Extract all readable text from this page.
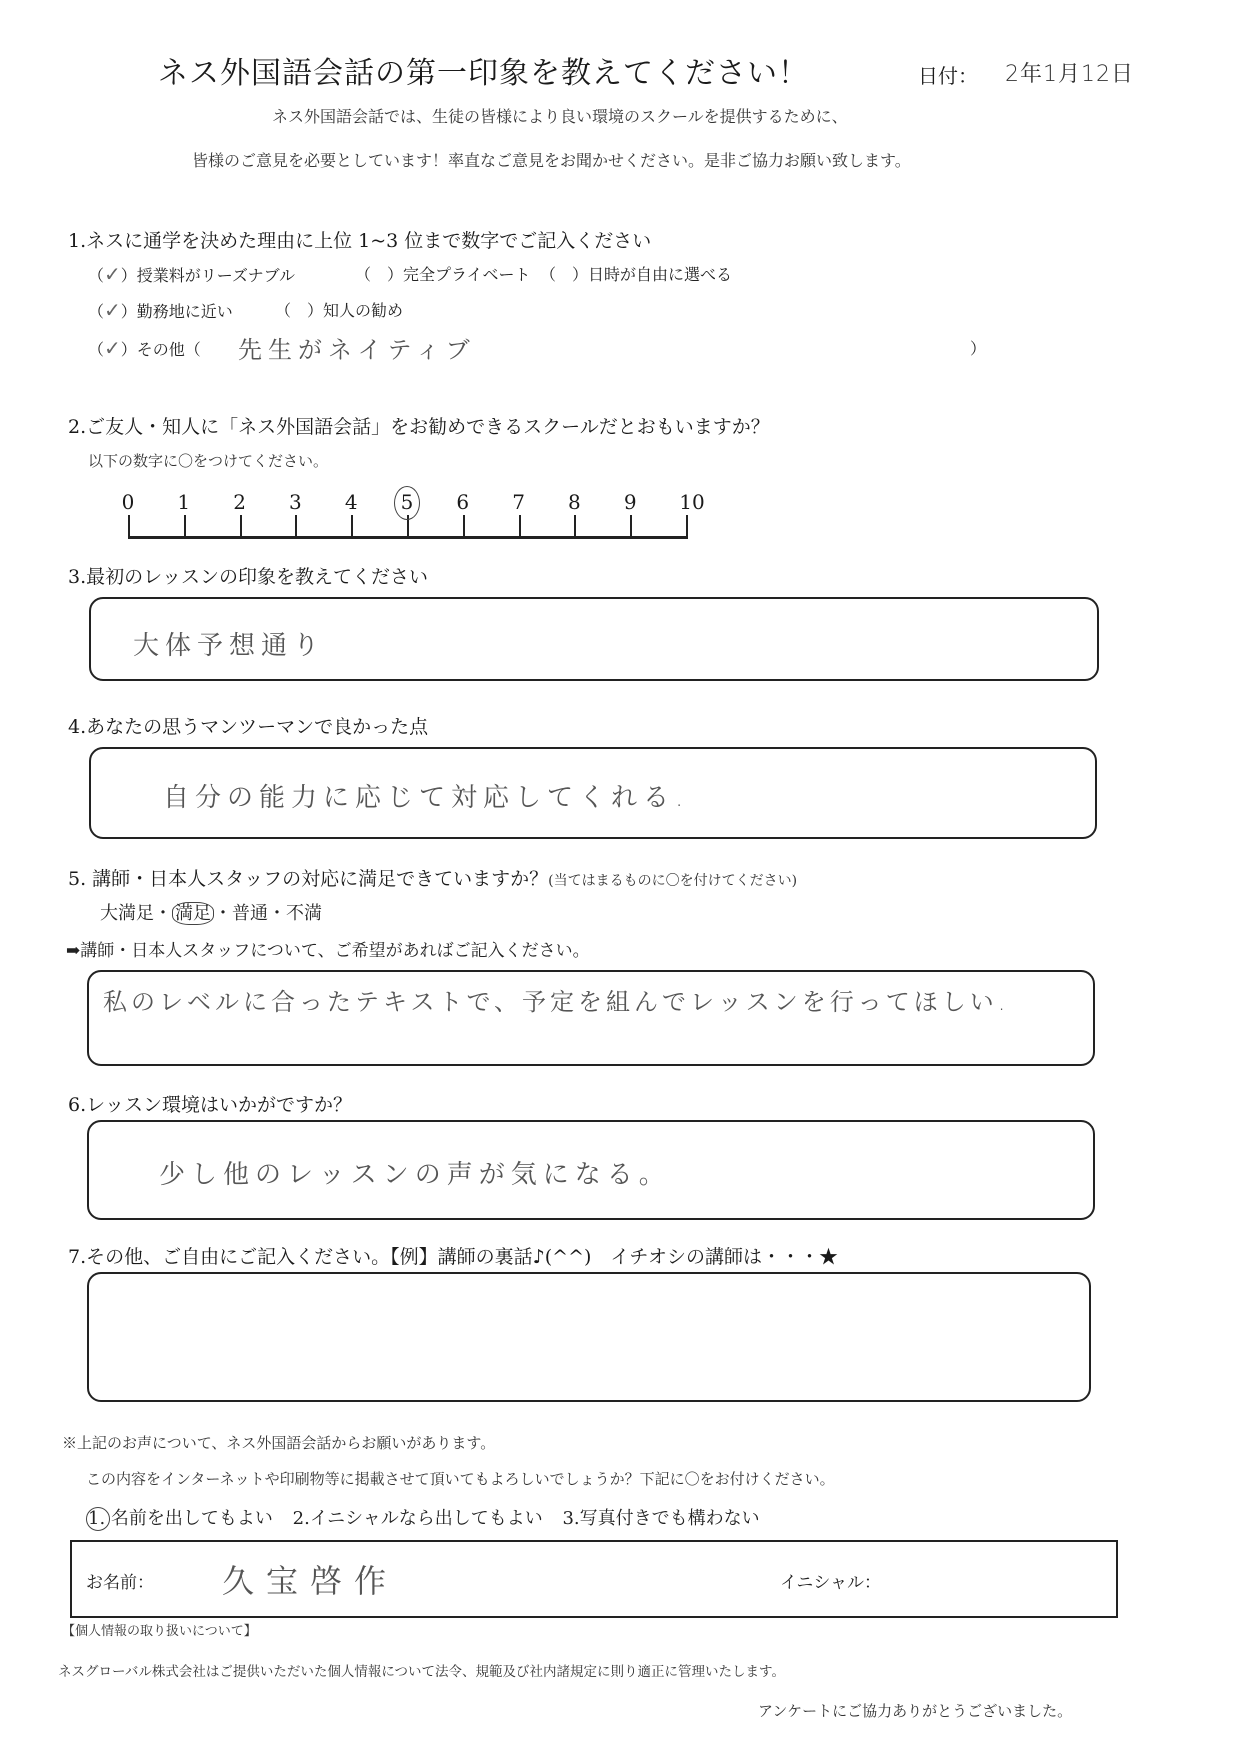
ネス外国語会話の第一印象を教えてください！	日付： 2年1月12日
ネス外国語会話では、生徒の皆様により良い環境のスクールを提供するために、
皆様のご意見を必要としています！率直なご意見をお聞かせください。是非ご協力お願い致します。
1.ネスに通学を決めた理由に上位 1~3 位まで数字でご記入ください
（✓）授業料がリーズナブル	（　）完全プライベート （　）日時が自由に選べる
（✓）勤務地に近い	（　）知人の勧め
（✓）その他（ 先生がネイティブ	）
2.ご友人・知人に「ネス外国語会話」をお勧めできるスクールだとおもいますか？
以下の数字に〇をつけてください。
0	1	2	3	4	5	6	7	8	9	10
3.最初のレッスンの印象を教えてください
大体予想通り
4.あなたの思うマンツーマンで良かった点
自分の能力に応じて対応してくれる.
5. 講師・日本人スタッフの対応に満足できていますか？(当てはまるものに〇を付けてください)
大満足・ 満足 ・普通・不満
➡講師・日本人スタッフについて、ご希望があればご記入ください。
私のレベルに合ったテキストで、予定を組んでレッスンを行ってほしい.
6.レッスン環境はいかがですか？
少し他のレッスンの声が気になる。
7.その他、ご自由にご記入ください。【例】講師の裏話♪(^^)　イチオシの講師は・・・★
※上記のお声について、ネス外国語会話からお願いがあります。
この内容をインターネットや印刷物等に掲載させて頂いてもよろしいでしょうか？下記に〇をお付けください。
1. 名前を出してもよい 2.イニシャルなら出してもよい 3.写真付きでも構わない
お名前： 久宝啓作	イニシャル：
【個人情報の取り扱いについて】
ネスグローバル株式会社はご提供いただいた個人情報について法令、規範及び社内諸規定に則り適正に管理いたします。
アンケートにご協力ありがとうございました。
